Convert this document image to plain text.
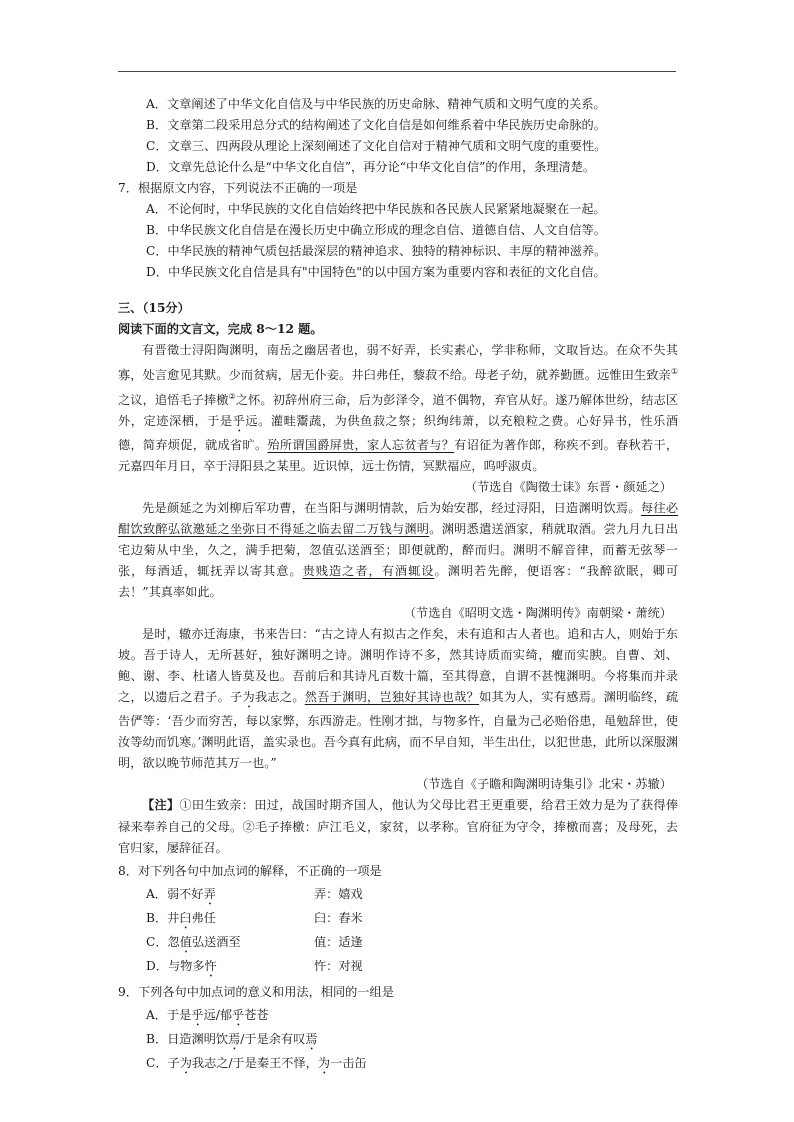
A．文章阐述了中华文化自信及与中华民族的历史命脉、精神气质和文明气度的关系。
B．文章第二段采用总分式的结构阐述了文化自信是如何维系着中华民族历史命脉的。
C．文章三、四两段从理论上深刻阐述了文化自信对于精神气质和文明气度的重要性。
D．文章先总论什么是“中华文化自信”，再分论“中华文化自信”的作用，条理清楚。
7．根据原文内容，下列说法不正确的一项是
A．不论何时，中华民族的文化自信始终把中华民族和各民族人民紧紧地凝聚在一起。
B．中华民族文化自信是在漫长历史中确立形成的理念自信、道德自信、人文自信等。
C．中华民族的精神气质包括最深层的精神追求、独特的精神标识、丰厚的精神滋养。
D．中华民族文化自信是具有"中国特色"的以中国方案为重要内容和表征的文化自信。
三、（15分）
阅读下面的文言文，完成 8～12 题。

有晋徵士浔阳陶渊明，南岳之幽居者也，弱不好弄，长实素心，学非称师，文取旨达。在众不失其寡，处言愈见其默。少而贫病，居无仆妾。井臼弗任，藜菽不给。母老子幼，就养勤匮。远惟田生致亲①之议，追悟毛子捧檄②之怀。初辞州府三命，后为彭泽令，道不偶物，弃官从好。遂乃解体世纷，结志区外，定迹深栖，于是乎远。灌畦鬻蔬，为供鱼菽之祭；织绚纬萧，以充粮粒之费。心好异书，性乐酒德，简弃烦促，就成省旷。殆所谓国爵屏贵，家人忘贫者与？有诏征为著作郎，称疾不到。春秋若干，元嘉四年月日，卒于浔阳县之某里。近识悼，远士伤情，冥默福应，呜呼淑贞。

（节选自《陶徵士诔》东晋・颜延之）

先是颜延之为刘柳后军功曹，在当阳与渊明情款，后为始安郡，经过浔阳，日造渊明饮焉。每往必酣饮致醉弘欲邀延之坐弥日不得延之临去留二万钱与渊明。渊明悉遣送酒家，稍就取酒。尝九月九日出宅边菊从中坐，久之，满手把菊，忽值弘送酒至；即便就酌，醉而归。渊明不解音律，而蓄无弦琴一张，每酒适，辄抚弄以寄其意。贵贱造之者，有酒辄设。渊明若先醉，便语客：“我醉欲眠，卿可去！”其真率如此。

（节选自《昭明文选・陶渊明传》南朝梁・萧统）

是时，辙亦迁海康，书来告曰：“古之诗人有拟古之作矣，未有追和古人者也。追和古人，则始于东坡。吾于诗人，无所甚好，独好渊明之诗。渊明作诗不多，然其诗质而实绮，癯而实腴。自曹、刘、鲍、谢、李、杜诸人皆莫及也。吾前后和其诗凡百数十篇，至其得意，自谓不甚愧渊明。今将集而并录之，以遗后之君子。子为我志之。然吾于渊明，岂独好其诗也哉？如其为人，实有感焉。渊明临终，疏告俨等：‘吾少而穷苦，每以家弊，东西游走。性刚才拙，与物多忤，自量为己必贻俗患，黾勉辞世，使汝等幼而饥寒。’渊明此语，盖实录也。吾今真有此病，而不早自知，半生出仕，以犯世患，此所以深服渊明，欲以晚节师范其万一也。”

（节选自《子瞻和陶渊明诗集引》北宋・苏辙）

【注】①田生致亲：田过，战国时期齐国人，他认为父母比君王更重要，给君王效力是为了获得俸禄来奉养自己的父母。②毛子捧檄：庐江毛义，家贫，以孝称。官府征为守令，捧檄而喜；及母死，去官归家，屡辞征召。

8．对下列各句中加点词的解释，不正确的一项是
A．弱不好弄	弄：嬉戏
B．井臼弗任	臼：舂米
C．忽值弘送酒至	值：适逢
D．与物多忤	忤：对视
9．下列各句中加点词的意义和用法，相同的一组是
A．于是乎远/郁乎苍苍
B．日造渊明饮焉/于是余有叹焉
C．子为我志之/于是秦王不怿，为一击缶
